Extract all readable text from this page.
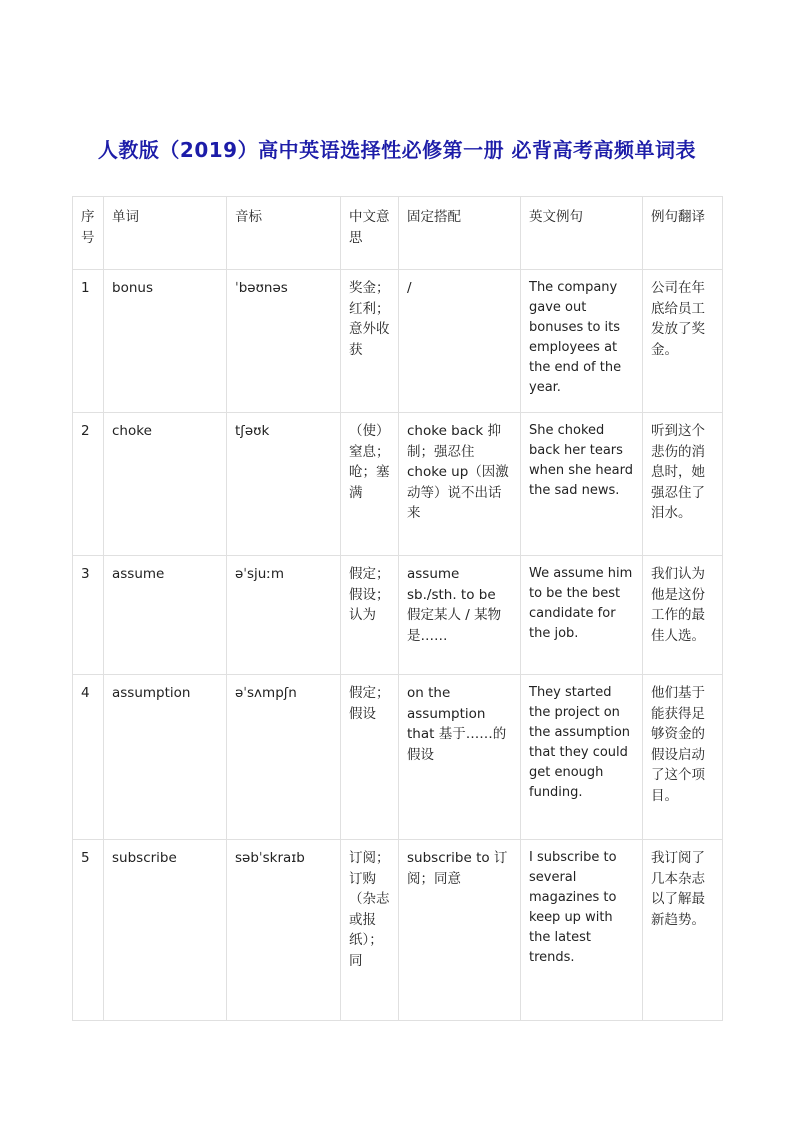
人教版（2019）高中英语选择性必修第一册 必背高考高频单词表
序号	单词	音标	中文意思	固定搭配	英文例句	例句翻译
1	bonus	ˈbəʊnəs	奖金；红利；意外收获	/	The company gave out bonuses to its employees at the end of the year.	公司在年底给员工发放了奖金。
2	choke	tʃəʊk	（使）窒息；呛；塞满	choke back 抑制；强忍住 choke up（因激动等）说不出话来	She choked back her tears when she heard the sad news.	听到这个悲伤的消息时，她强忍住了泪水。
3	assume	əˈsjuːm	假定；假设；认为	assume sb./sth. to be 假定某人 / 某物是……	We assume him to be the best candidate for the job.	我们认为他是这份工作的最佳人选。
4	assumption	əˈsʌmpʃn	假定；假设	on the assumption that 基于……的假设	They started the project on the assumption that they could get enough funding.	他们基于能获得足够资金的假设启动了这个项目。
5	subscribe	səbˈskraɪb	订阅；订购（杂志或报纸）；同	subscribe to 订阅；同意	I subscribe to several magazines to keep up with the latest trends.	我订阅了几本杂志以了解最新趋势。
